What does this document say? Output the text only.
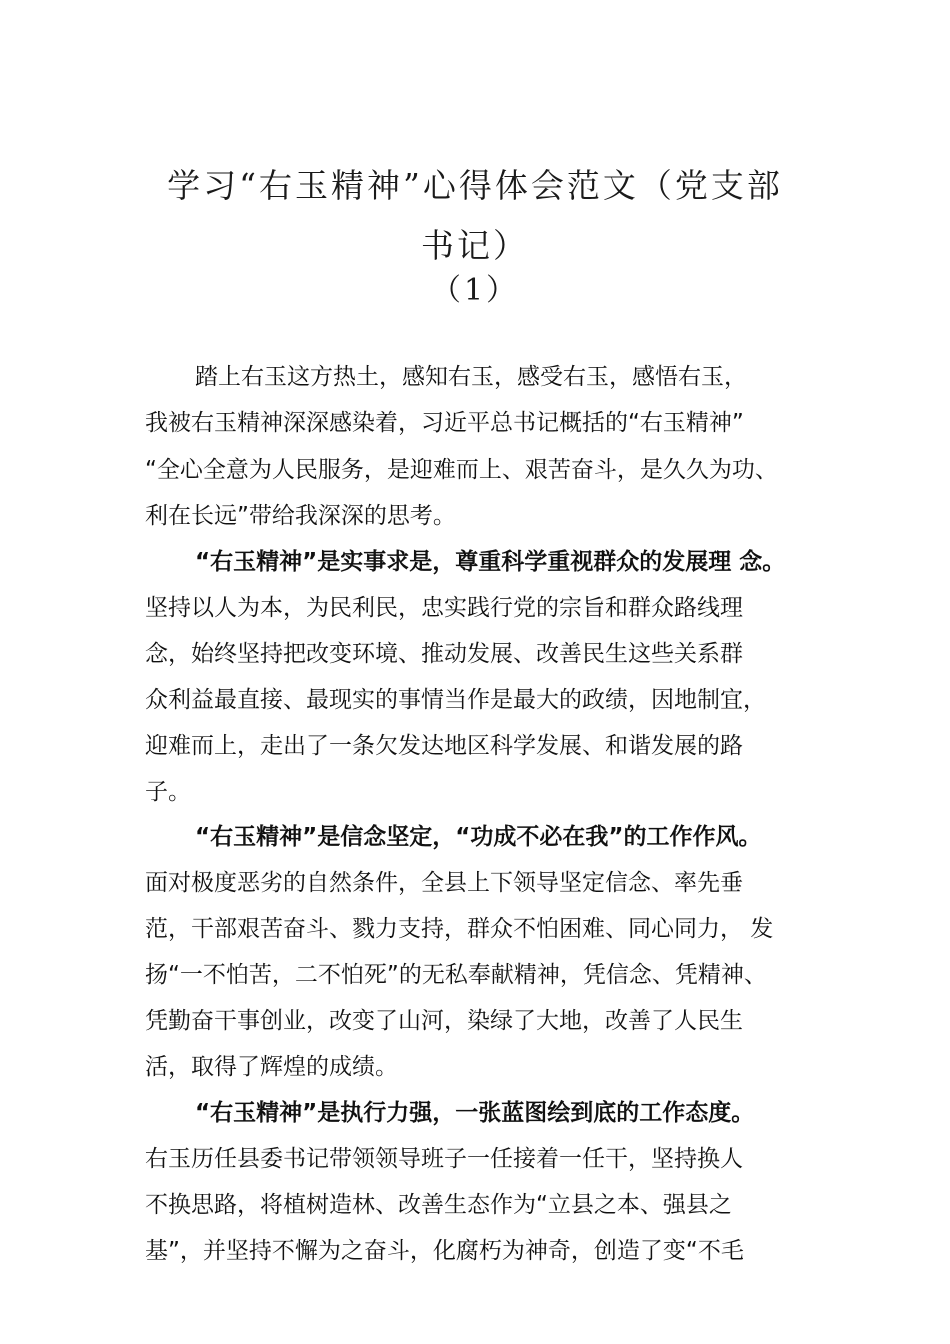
学习“右玉精神”心得体会范文（党支部
书记）
（1）
踏上右玉这方热土，感知右玉，感受右玉，感悟右玉，
我被右玉精神深深感染着，习近平总书记概括的“右玉精神”
“全心全意为人民服务，是迎难而上、艰苦奋斗，是久久为功、
利在长远”带给我深深的思考。
“右玉精神”是实事求是，尊重科学重视群众的发展理 念。
坚持以人为本，为民利民，忠实践行党的宗旨和群众路线理
念，始终坚持把改变环境、推动发展、改善民生这些关系群
众利益最直接、最现实的事情当作是最大的政绩，因地制宜，
迎难而上，走出了一条欠发达地区科学发展、和谐发展的路
子。
“右玉精神”是信念坚定，“功成不必在我”的工作作风。
面对极度恶劣的自然条件，全县上下领导坚定信念、率先垂
范，干部艰苦奋斗、戮力支持，群众不怕困难、同心同力， 发
扬“一不怕苦，二不怕死”的无私奉献精神，凭信念、凭精神、
凭勤奋干事创业，改变了山河，染绿了大地，改善了人民生
活，取得了辉煌的成绩。
“右玉精神”是执行力强，一张蓝图绘到底的工作态度。
右玉历任县委书记带领领导班子一任接着一任干，坚持换人
不换思路，将植树造林、改善生态作为“立县之本、强县之
基”，并坚持不懈为之奋斗，化腐朽为神奇，创造了变“不毛
